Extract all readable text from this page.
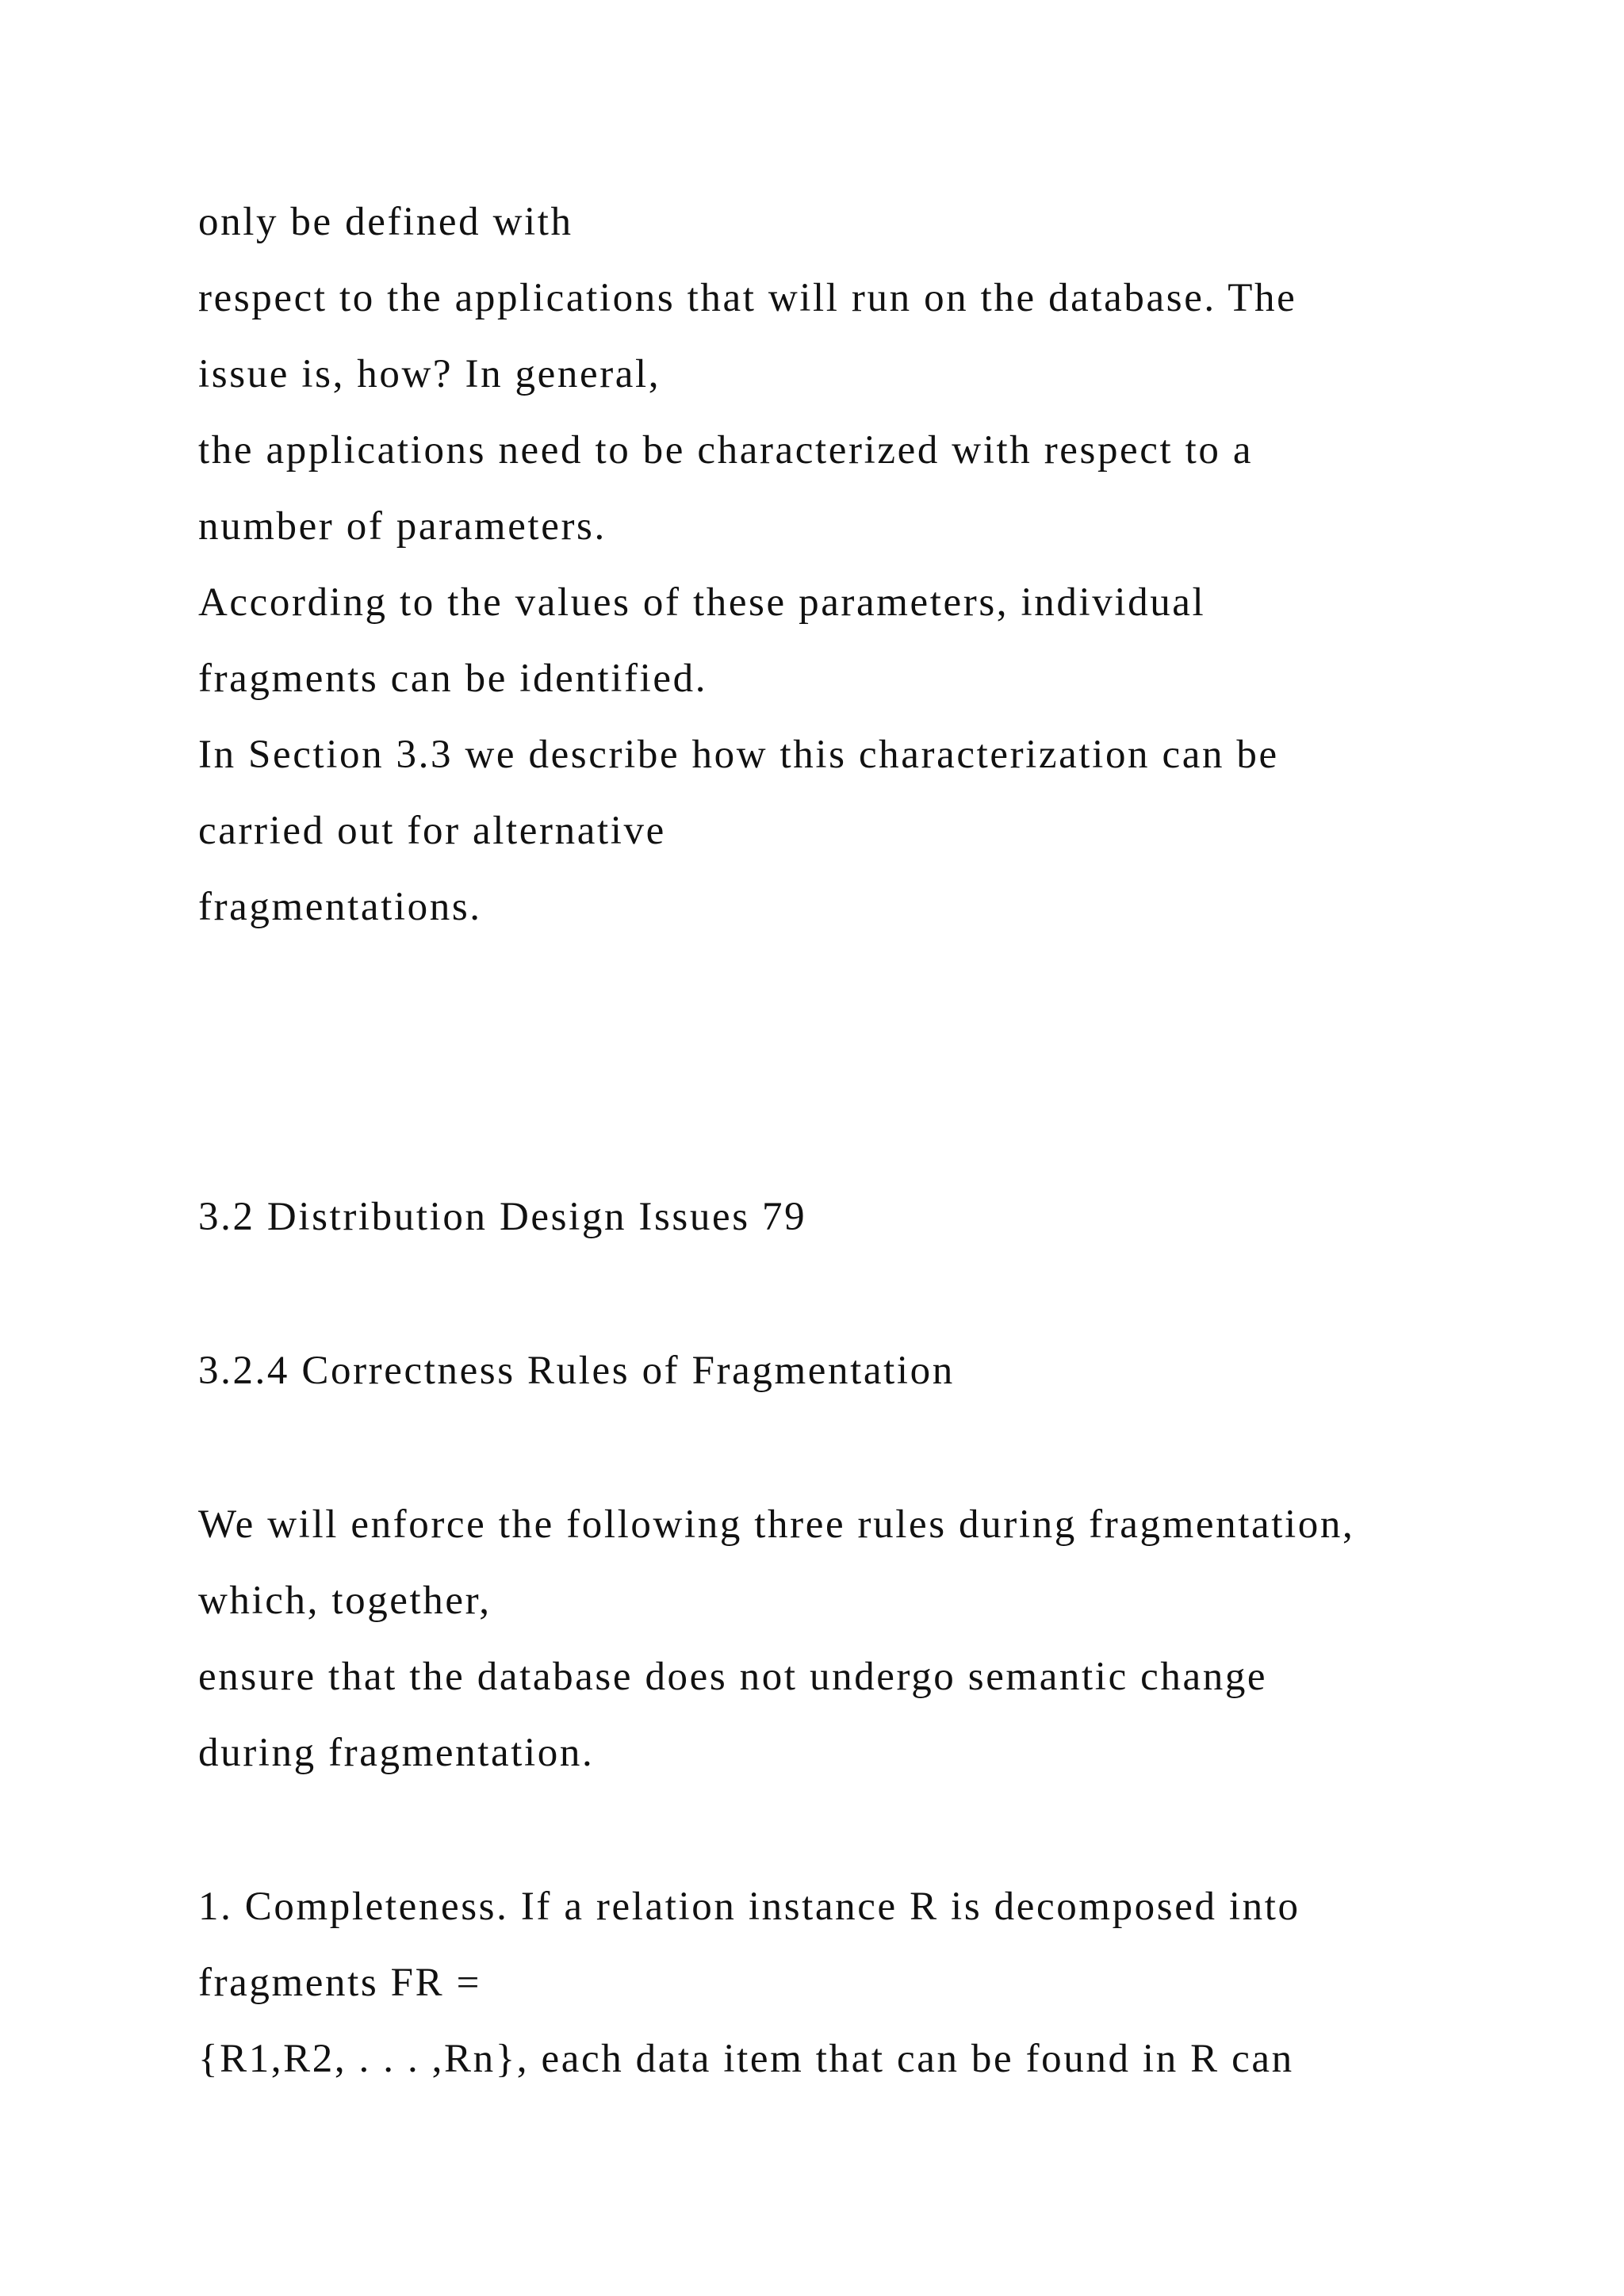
only be defined with

respect to the applications that will run on the database. The

issue is, how? In general,

the applications need to be characterized with respect to a

number of parameters.

According to the values of these parameters, individual

fragments can be identified.

In Section 3.3 we describe how this characterization can be

carried out for alternative

fragmentations.

3.2 Distribution Design Issues 79

3.2.4 Correctness Rules of Fragmentation

We will enforce the following three rules during fragmentation,

which, together,

ensure that the database does not undergo semantic change

during fragmentation.

1. Completeness. If a relation instance R is decomposed into

fragments FR =

{R1,R2, . . . ,Rn}, each data item that can be found in R can
